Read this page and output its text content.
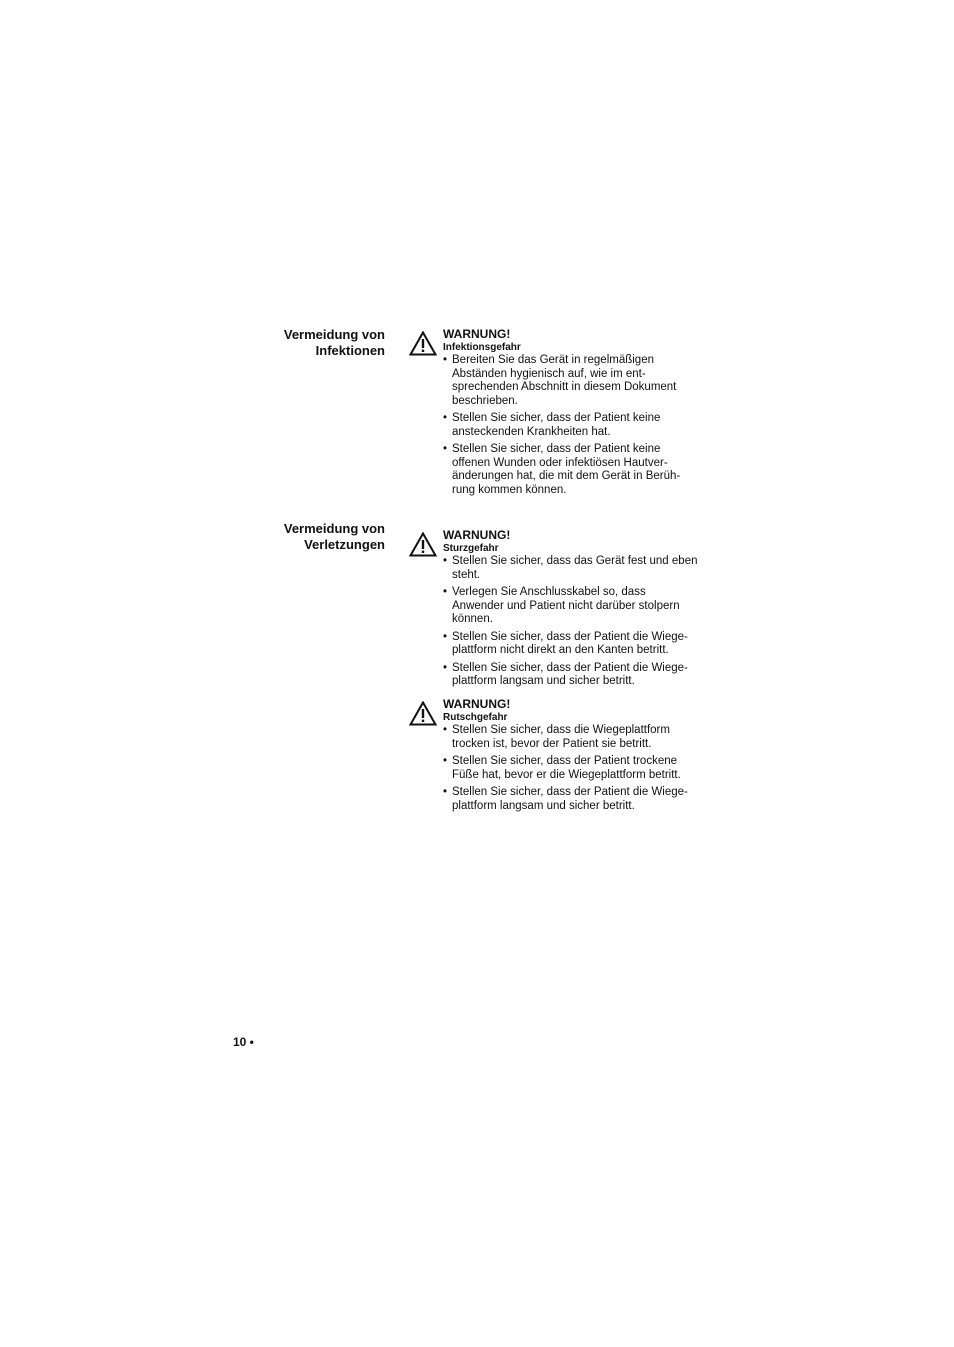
Vermeidung von
Infektionen
WARNUNG!
Infektionsgefahr
• Bereiten Sie das Gerät in regelmäßigen Abständen hygienisch auf, wie im ent-sprechenden Abschnitt in diesem Dokument beschrieben.
• Stellen Sie sicher, dass der Patient keine ansteckenden Krankheiten hat.
• Stellen Sie sicher, dass der Patient keine offenen Wunden oder infektiösen Hautver-änderungen hat, die mit dem Gerät in Berüh-rung kommen können.
Vermeidung von
Verletzungen
WARNUNG!
Sturzgefahr
• Stellen Sie sicher, dass das Gerät fest und eben steht.
• Verlegen Sie Anschlusskabel so, dass Anwender und Patient nicht darüber stolpern können.
• Stellen Sie sicher, dass der Patient die Wiege-plattform nicht direkt an den Kanten betritt.
• Stellen Sie sicher, dass der Patient die Wiege-plattform langsam und sicher betritt.
WARNUNG!
Rutschgefahr
• Stellen Sie sicher, dass die Wiegeplattform trocken ist, bevor der Patient sie betritt.
• Stellen Sie sicher, dass der Patient trockene Füße hat, bevor er die Wiegeplattform betritt.
• Stellen Sie sicher, dass der Patient die Wiege-plattform langsam und sicher betritt.
10 •
